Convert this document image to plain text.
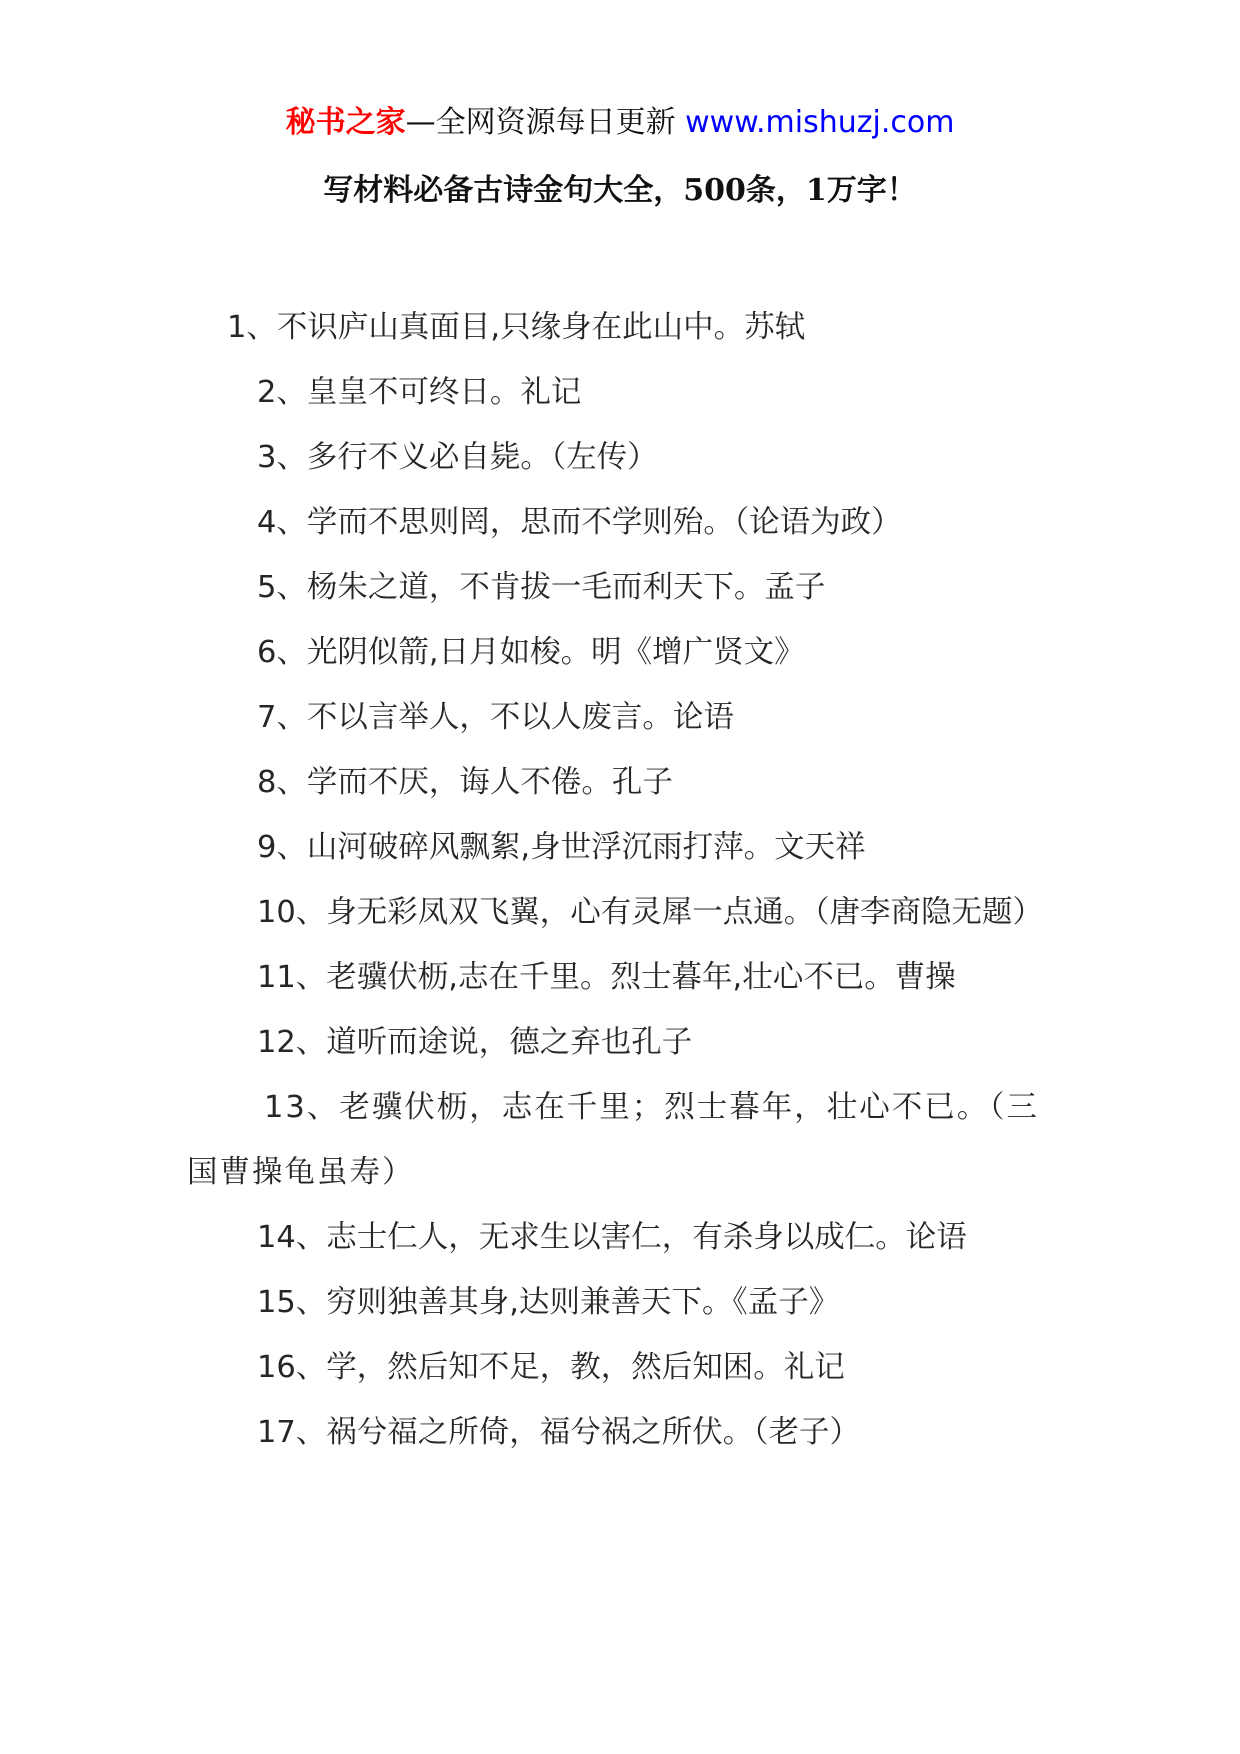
秘书之家—全网资源每日更新 www.mishuzj.com
写材料必备古诗金句大全，500条，1万字！

1、不识庐山真面目,只缘身在此山中。苏轼

2、皇皇不可终日。礼记

3、多行不义必自毙。（左传）

4、学而不思则罔，思而不学则殆。（论语为政）

5、杨朱之道，不肯拔一毛而利天下。孟子

6、光阴似箭,日月如梭。明《增广贤文》

7、不以言举人，不以人废言。论语

8、学而不厌，诲人不倦。孔子

9、山河破碎风飘絮,身世浮沉雨打萍。文天祥

10、身无彩凤双飞翼，心有灵犀一点通。（唐李商隐无题）

11、老骥伏枥,志在千里。烈士暮年,壮心不已。曹操

12、道听而途说，德之弃也孔子

13、老骥伏枥，志在千里；烈士暮年，壮心不已。（三国曹操龟虽寿）

14、志士仁人，无求生以害仁，有杀身以成仁。论语

15、穷则独善其身,达则兼善天下。《孟子》

16、学，然后知不足，教，然后知困。礼记

17、祸兮福之所倚，福兮祸之所伏。（老子）
